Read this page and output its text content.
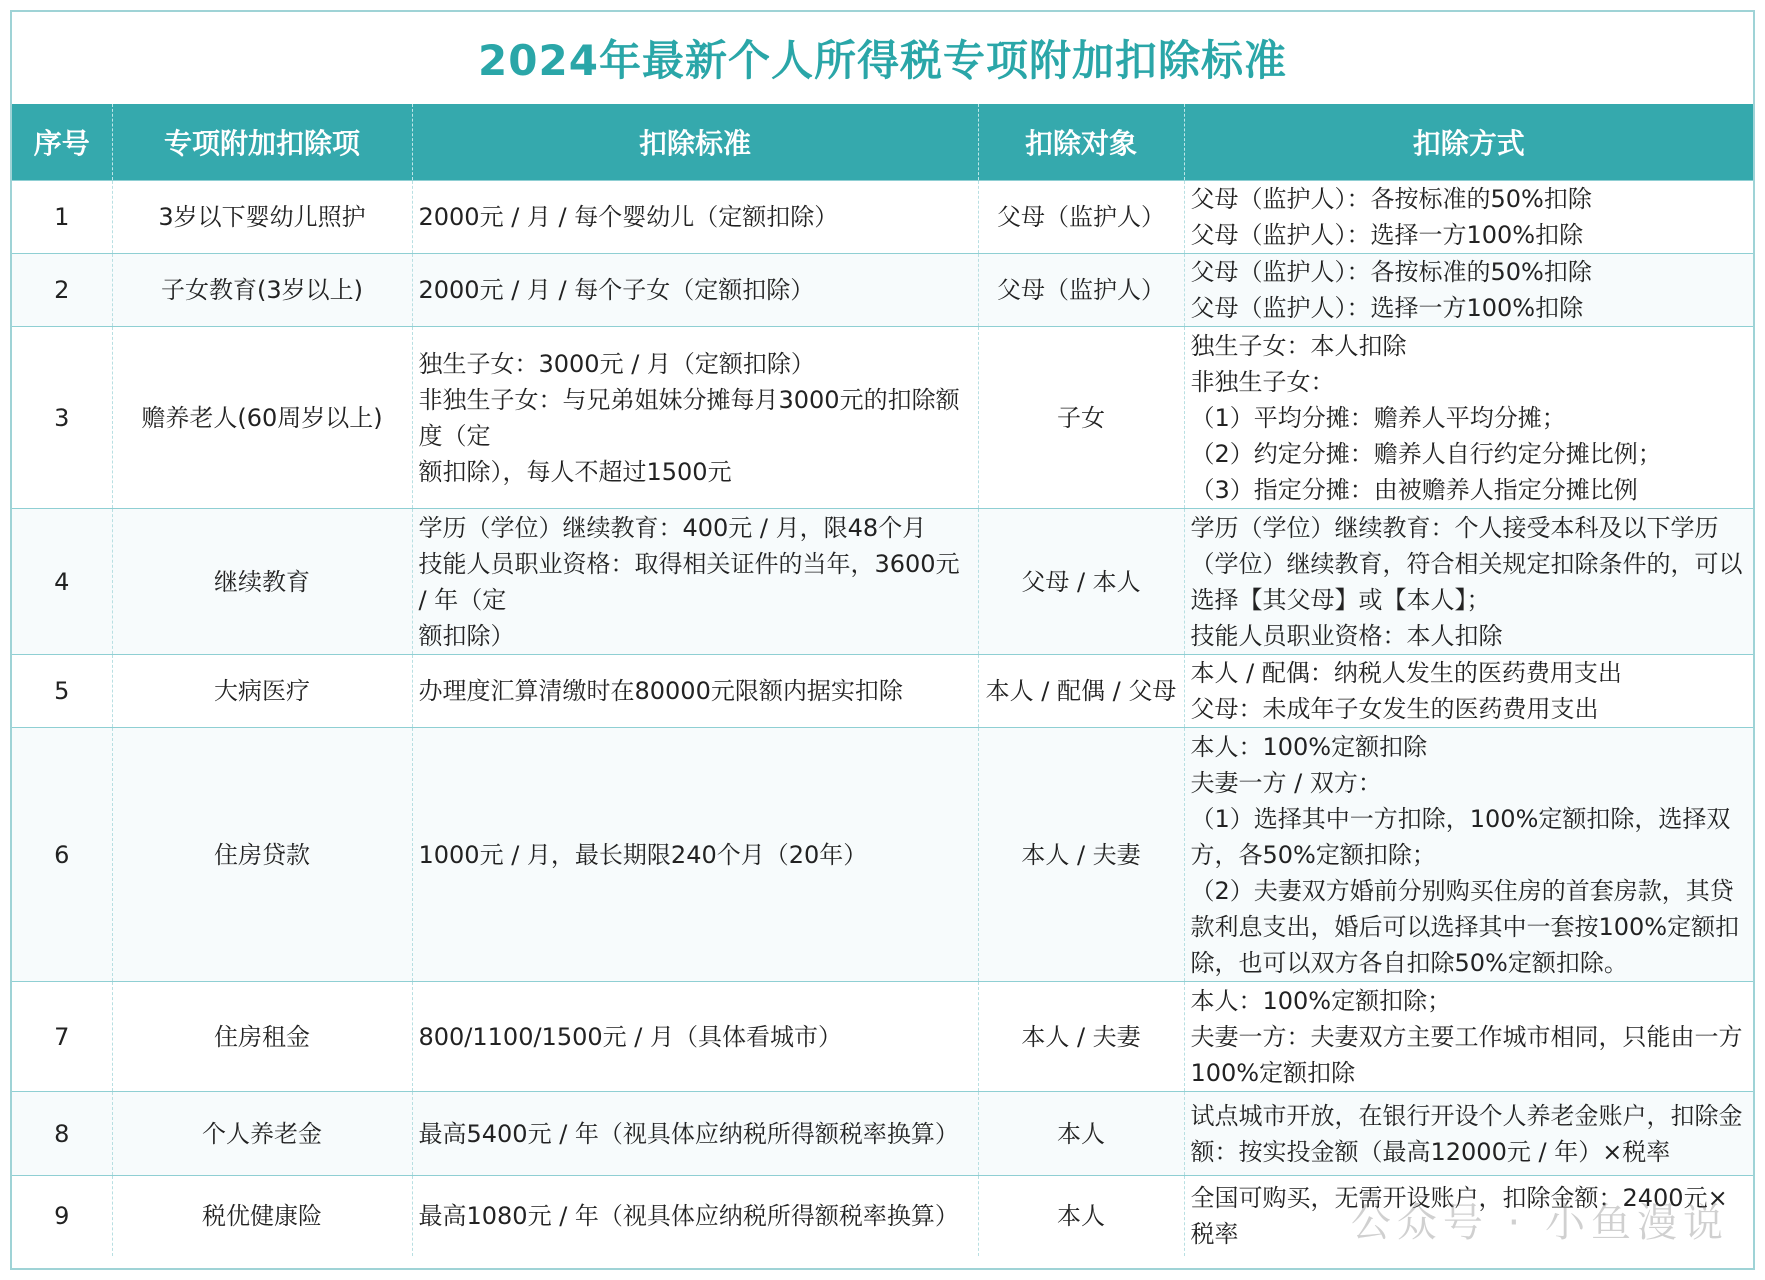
2024年最新个人所得税专项附加扣除标准
序号	专项附加扣除项	扣除标准	扣除对象	扣除方式
1	3岁以下婴幼儿照护	2000元 / 月 / 每个婴幼儿（定额扣除）	父母（监护人）	父母（监护人）：各按标准的50%扣除
父母（监护人）：选择一方100%扣除
2	子女教育(3岁以上)	2000元 / 月 / 每个子女（定额扣除）	父母（监护人）	父母（监护人）：各按标准的50%扣除
父母（监护人）：选择一方100%扣除
3	赡养老人(60周岁以上)	独生子女：3000元 / 月（定额扣除）
非独生子女：与兄弟姐妹分摊每月3000元的扣除额度（定
额扣除），每人不超过1500元	子女	独生子女：本人扣除
非独生子女：
（1）平均分摊：赡养人平均分摊；
（2）约定分摊：赡养人自行约定分摊比例；
（3）指定分摊：由被赡养人指定分摊比例
4	继续教育	学历（学位）继续教育：400元 / 月，限48个月
技能人员职业资格：取得相关证件的当年，3600元 / 年（定
额扣除）	父母 / 本人	学历（学位）继续教育：个人接受本科及以下学历（学位）继续教育，符合相关规定扣除条件的，可以选择【其父母】或【本人】；
技能人员职业资格：本人扣除
5	大病医疗	办理度汇算清缴时在80000元限额内据实扣除	本人 / 配偶 / 父母	本人 / 配偶：纳税人发生的医药费用支出
父母：未成年子女发生的医药费用支出
6	住房贷款	1000元 / 月，最长期限240个月（20年）	本人 / 夫妻	本人：100%定额扣除
夫妻一方 / 双方：
（1）选择其中一方扣除，100%定额扣除，选择双方，各50%定额扣除；
（2）夫妻双方婚前分别购买住房的首套房款，其贷款利息支出，婚后可以选择其中一套按100%定额扣除，也可以双方各自扣除50%定额扣除。
7	住房租金	800/1100/1500元 / 月（具体看城市）	本人 / 夫妻	本人：100%定额扣除；
夫妻一方：夫妻双方主要工作城市相同，只能由一方100%定额扣除
8	个人养老金	最高5400元 / 年（视具体应纳税所得额税率换算）	本人	试点城市开放，在银行开设个人养老金账户，扣除金额：按实投金额（最高12000元 / 年）×税率
9	税优健康险	最高1080元 / 年（视具体应纳税所得额税率换算）	本人	全国可购买，无需开设账户，扣除金额：2400元×税率	公众号 · 小鱼漫说
